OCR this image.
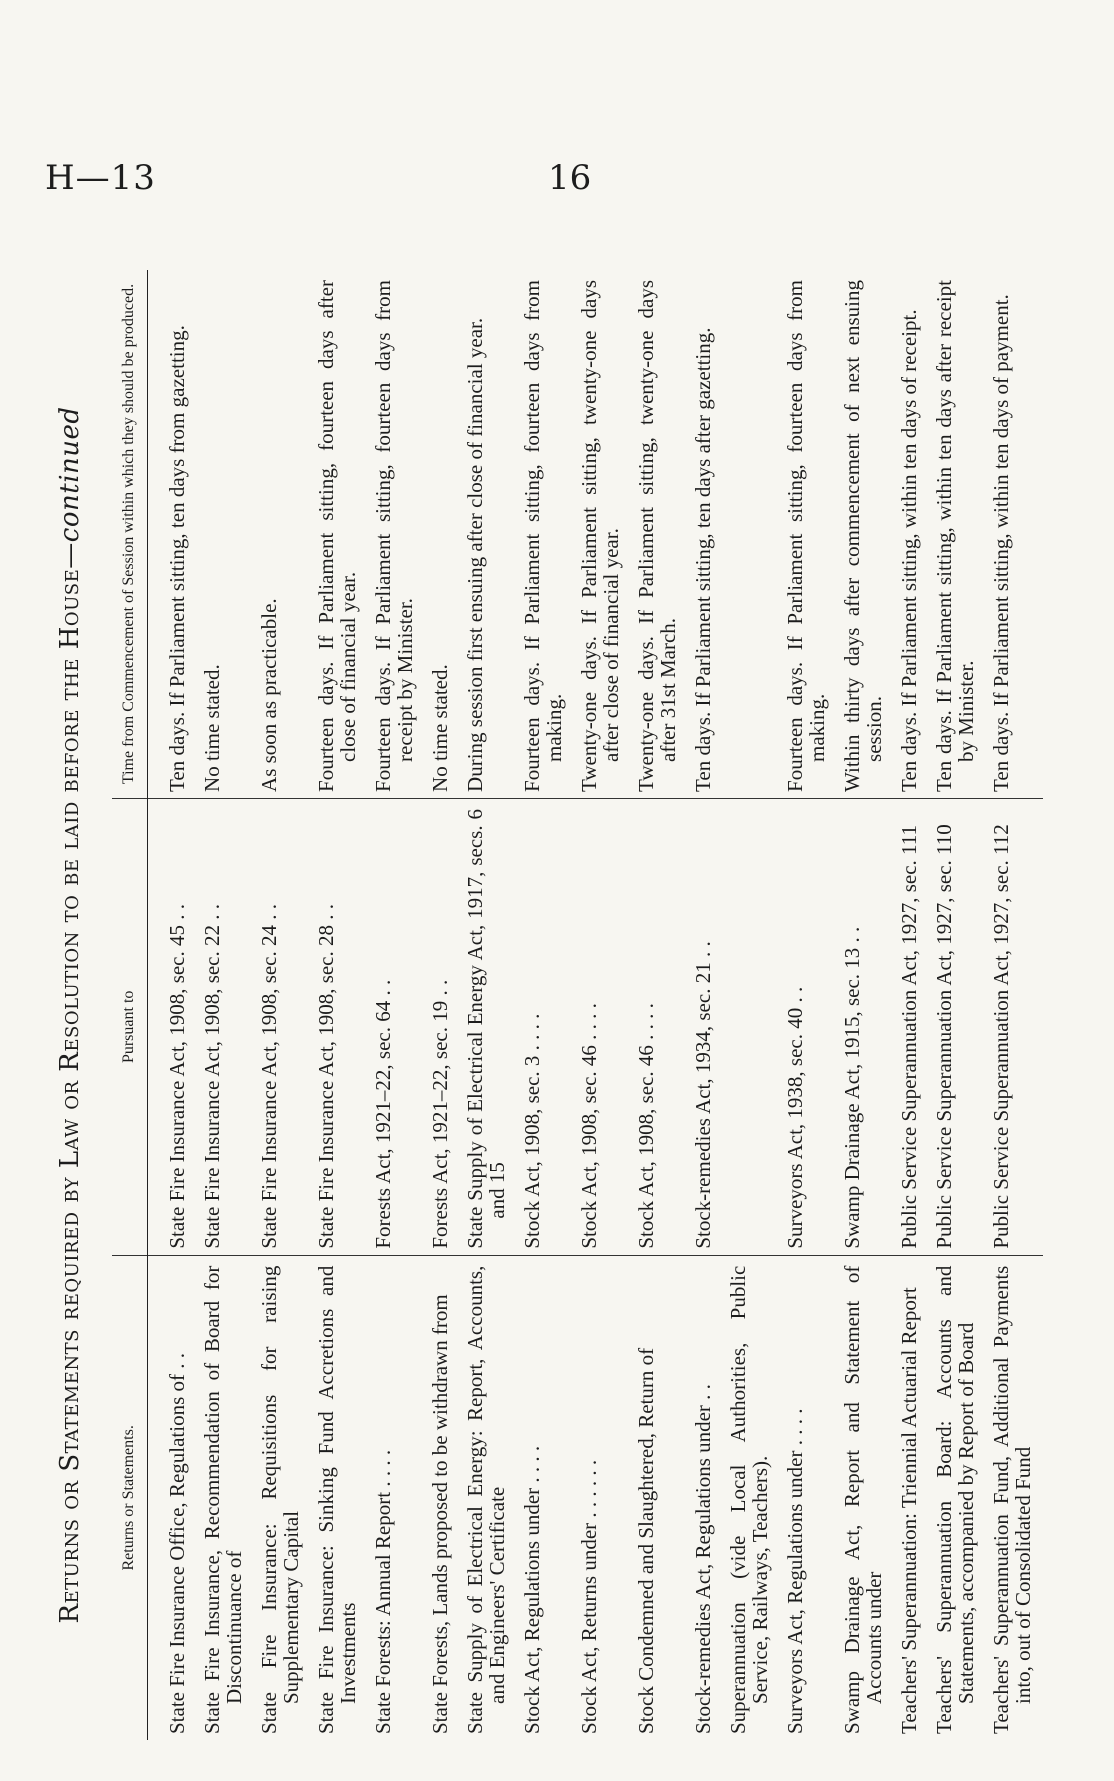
H—13	16
Returns or Statements required by Law or Resolution to be laid before the House—continued
Returns or Statements.	Pursuant to	Time from Commencement of Session within which they should be produced.
State Fire Insurance Office, Regulations of . .	State Fire Insurance Act, 1908, sec. 45 . .	Ten days. If Parliament sitting, ten days from gazetting.
State Fire Insurance, Recommendation of Board for Discontinuance of	State Fire Insurance Act, 1908, sec. 22 . .	No time stated.
State Fire Insurance: Requisitions for raising Supplementary Capital	State Fire Insurance Act, 1908, sec. 24 . .	As soon as practicable.
State Fire Insurance: Sinking Fund Accretions and Investments	State Fire Insurance Act, 1908, sec. 28 . .	Fourteen days. If Parliament sitting, fourteen days after close of financial year.
State Forests: Annual Report . . . .	Forests Act, 1921–22, sec. 64 . .	Fourteen days. If Parliament sitting, fourteen days from receipt by Minister.
State Forests, Lands proposed to be withdrawn from	Forests Act, 1921–22, sec. 19 . .	No time stated.
State Supply of Electrical Energy: Report, Accounts, and Engineers' Certificate	State Supply of Electrical Energy Act, 1917, secs. 6 and 15	During session first ensuing after close of financial year.
Stock Act, Regulations under . . . .	Stock Act, 1908, sec. 3 . . . .	Fourteen days. If Parliament sitting, fourteen days from making.
Stock Act, Returns under . . . . . .	Stock Act, 1908, sec. 46 . . . .	Twenty-one days. If Parliament sitting, twenty-one days after close of financial year.
Stock Condemned and Slaughtered, Return of	Stock Act, 1908, sec. 46 . . . .	Twenty-one days. If Parliament sitting, twenty-one days after 31st March.
Stock-remedies Act, Regulations under . .	Stock-remedies Act, 1934, sec. 21 . .	Ten days. If Parliament sitting, ten days after gazetting.
Superannuation (vide Local Authorities, Public Service, Railways, Teachers).		
Surveyors Act, Regulations under . . . .	Surveyors Act, 1938, sec. 40 . .	Fourteen days. If Parliament sitting, fourteen days from making.
Swamp Drainage Act, Report and Statement of Accounts under	Swamp Drainage Act, 1915, sec. 13 . .	Within thirty days after commencement of next ensuing session.
Teachers' Superannuation: Triennial Actuarial Report	Public Service Superannuation Act, 1927, sec. 111	Ten days. If Parliament sitting, within ten days of receipt.
Teachers' Superannuation Board: Accounts and Statements, accompanied by Report of Board	Public Service Superannuation Act, 1927, sec. 110	Ten days. If Parliament sitting, within ten days after receipt by Minister.
Teachers' Superannuation Fund, Additional Payments into, out of Consolidated Fund	Public Service Superannuation Act, 1927, sec. 112	Ten days. If Parliament sitting, within ten days of payment.
